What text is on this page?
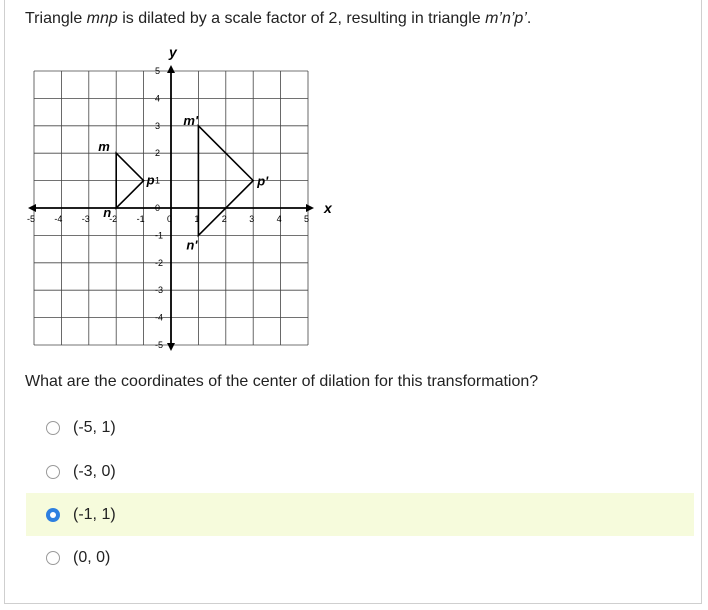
Triangle mnp is dilated by a scale factor of 2, resulting in triangle m’n’p’.
x
y
-5 -4 -3 -2 -1 0 1 2 3 4 5
5
4
3
2
1
0
-1
-2
-3
-4
-5
m
n
p
m'
n'
p'
What are the coordinates of the center of dilation for this transformation?
(-5, 1)
(-3, 0)
(-1, 1)
(0, 0)
